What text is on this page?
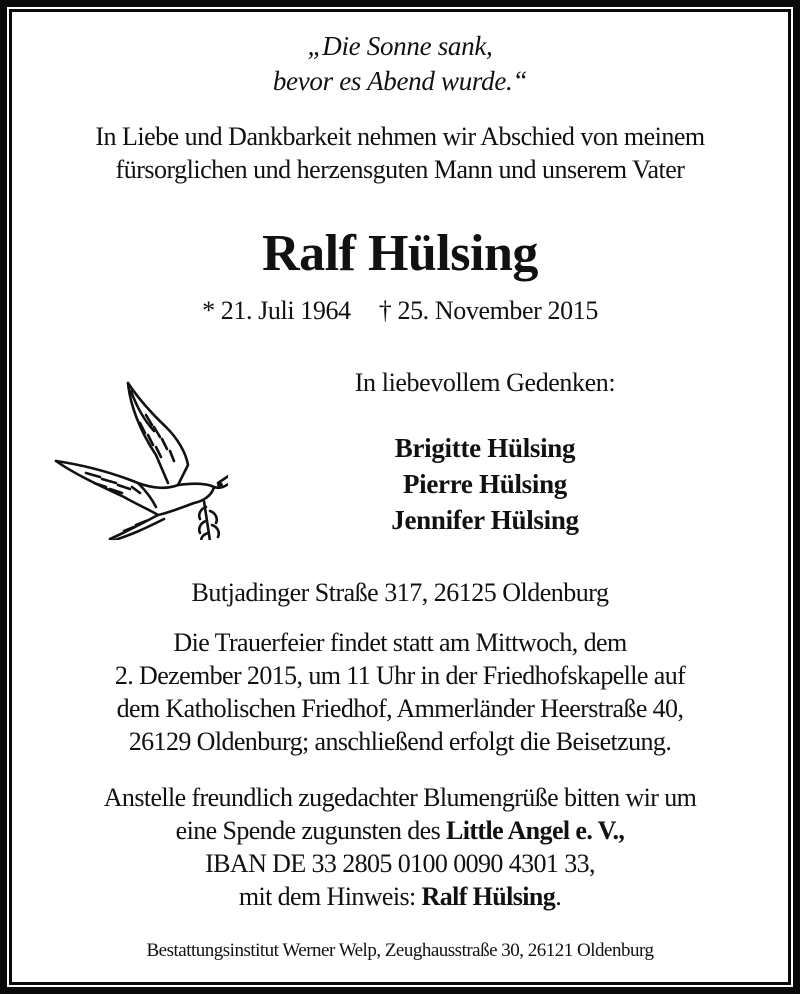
„Die Sonne sank,
bevor es Abend wurde.“
In Liebe und Dankbarkeit nehmen wir Abschied von meinem
fürsorglichen und herzensguten Mann und unserem Vater
Ralf Hülsing
* 21. Juli 1964 † 25. November 2015
In liebevollem Gedenken:
Brigitte Hülsing
Pierre Hülsing
Jennifer Hülsing
Butjadinger Straße 317, 26125 Oldenburg
Die Trauerfeier findet statt am Mittwoch, dem
2. Dezember 2015, um 11 Uhr in der Friedhofskapelle auf
dem Katholischen Friedhof, Ammerländer Heerstraße 40,
26129 Oldenburg; anschließend erfolgt die Beisetzung.
Anstelle freundlich zugedachter Blumengrüße bitten wir um
eine Spende zugunsten des Little Angel e. V.,
IBAN DE 33 2805 0100 0090 4301 33,
mit dem Hinweis: Ralf Hülsing.
Bestattungsinstitut Werner Welp, Zeughausstraße 30, 26121 Oldenburg
